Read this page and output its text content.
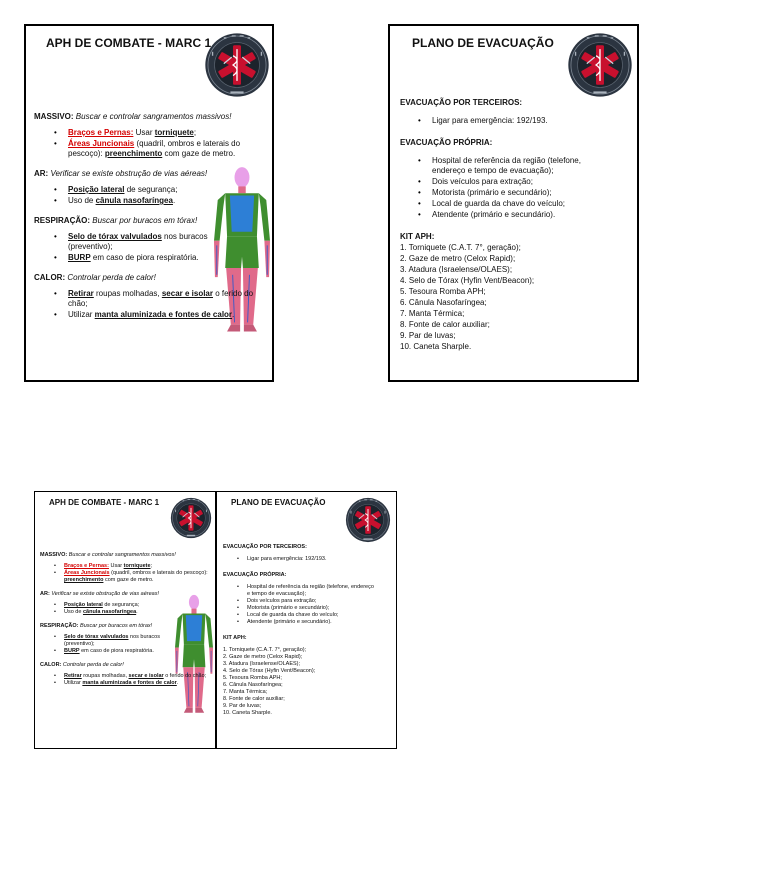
APH DE COMBATE - MARC 1
MASSIVO: Buscar e controlar sangramentos massivos!
• Braços e Pernas: Usar torniquete;
• Áreas Juncionais (quadril, ombros e laterais do pescoço): preenchimento com gaze de metro.
AR: Verificar se existe obstrução de vias aéreas!
• Posição lateral de segurança;
• Uso de cânula nasofaríngea.
RESPIRAÇÃO: Buscar por buracos em tórax!
• Selo de tórax valvulados nos buracos (preventivo);
• BURP em caso de piora respiratória.
CALOR: Controlar perda de calor!
• Retirar roupas molhadas, secar e isolar o ferido do chão;
• Utilizar manta aluminizada e fontes de calor.
PLANO DE EVACUAÇÃO
EVACUAÇÃO POR TERCEIROS:
• Ligar para emergência: 192/193.
EVACUAÇÃO PRÓPRIA:
• Hospital de referência da região (telefone, endereço e tempo de evacuação);
• Dois veículos para extração;
• Motorista (primário e secundário);
• Local de guarda da chave do veículo;
• Atendente (primário e secundário).
KIT APH:
1. Torniquete (C.A.T. 7°, geração);
2. Gaze de metro (Celox Rapid);
3. Atadura (Israelense/OLAES);
4. Selo de Tórax (Hyfin Vent/Beacon);
5. Tesoura Romba APH;
6. Cânula Nasofaríngea;
7. Manta Térmica;
8. Fonte de calor auxiliar;
9. Par de luvas;
10. Caneta Sharple.
APH DE COMBATE - MARC 1
MASSIVO: Buscar e controlar sangramentos massivos!
• Braços e Pernas: Usar torniquete;
• Áreas Juncionais (quadril, ombros e laterais do pescoço): preenchimento com gaze de metro.
AR: Verificar se existe obstrução de vias aéreas!
• Posição lateral de segurança;
• Uso de cânula nasofaríngea.
RESPIRAÇÃO: Buscar por buracos em tórax!
• Selo de tórax valvulados nos buracos (preventivo);
• BURP em caso de piora respiratória.
CALOR: Controlar perda de calor!
• Retirar roupas molhadas, secar e isolar o ferido do chão;
• Utilizar manta aluminizada e fontes de calor.
PLANO DE EVACUAÇÃO
EVACUAÇÃO POR TERCEIROS:
• Ligar para emergência: 192/193.
EVACUAÇÃO PRÓPRIA:
• Hospital de referência da região (telefone, endereço e tempo de evacuação);
• Dois veículos para extração;
• Motorista (primário e secundário);
• Local de guarda da chave do veículo;
• Atendente (primário e secundário).
KIT APH:
1. Torniquete (C.A.T. 7°, geração);
2. Gaze de metro (Celox Rapid);
3. Atadura (Israelense/OLAES);
4. Selo de Tórax (Hyfin Vent/Beacon);
5. Tesoura Romba APH;
6. Cânula Nasofaríngea;
7. Manta Térmica;
8. Fonte de calor auxiliar;
9. Par de luvas;
10. Caneta Sharple.
